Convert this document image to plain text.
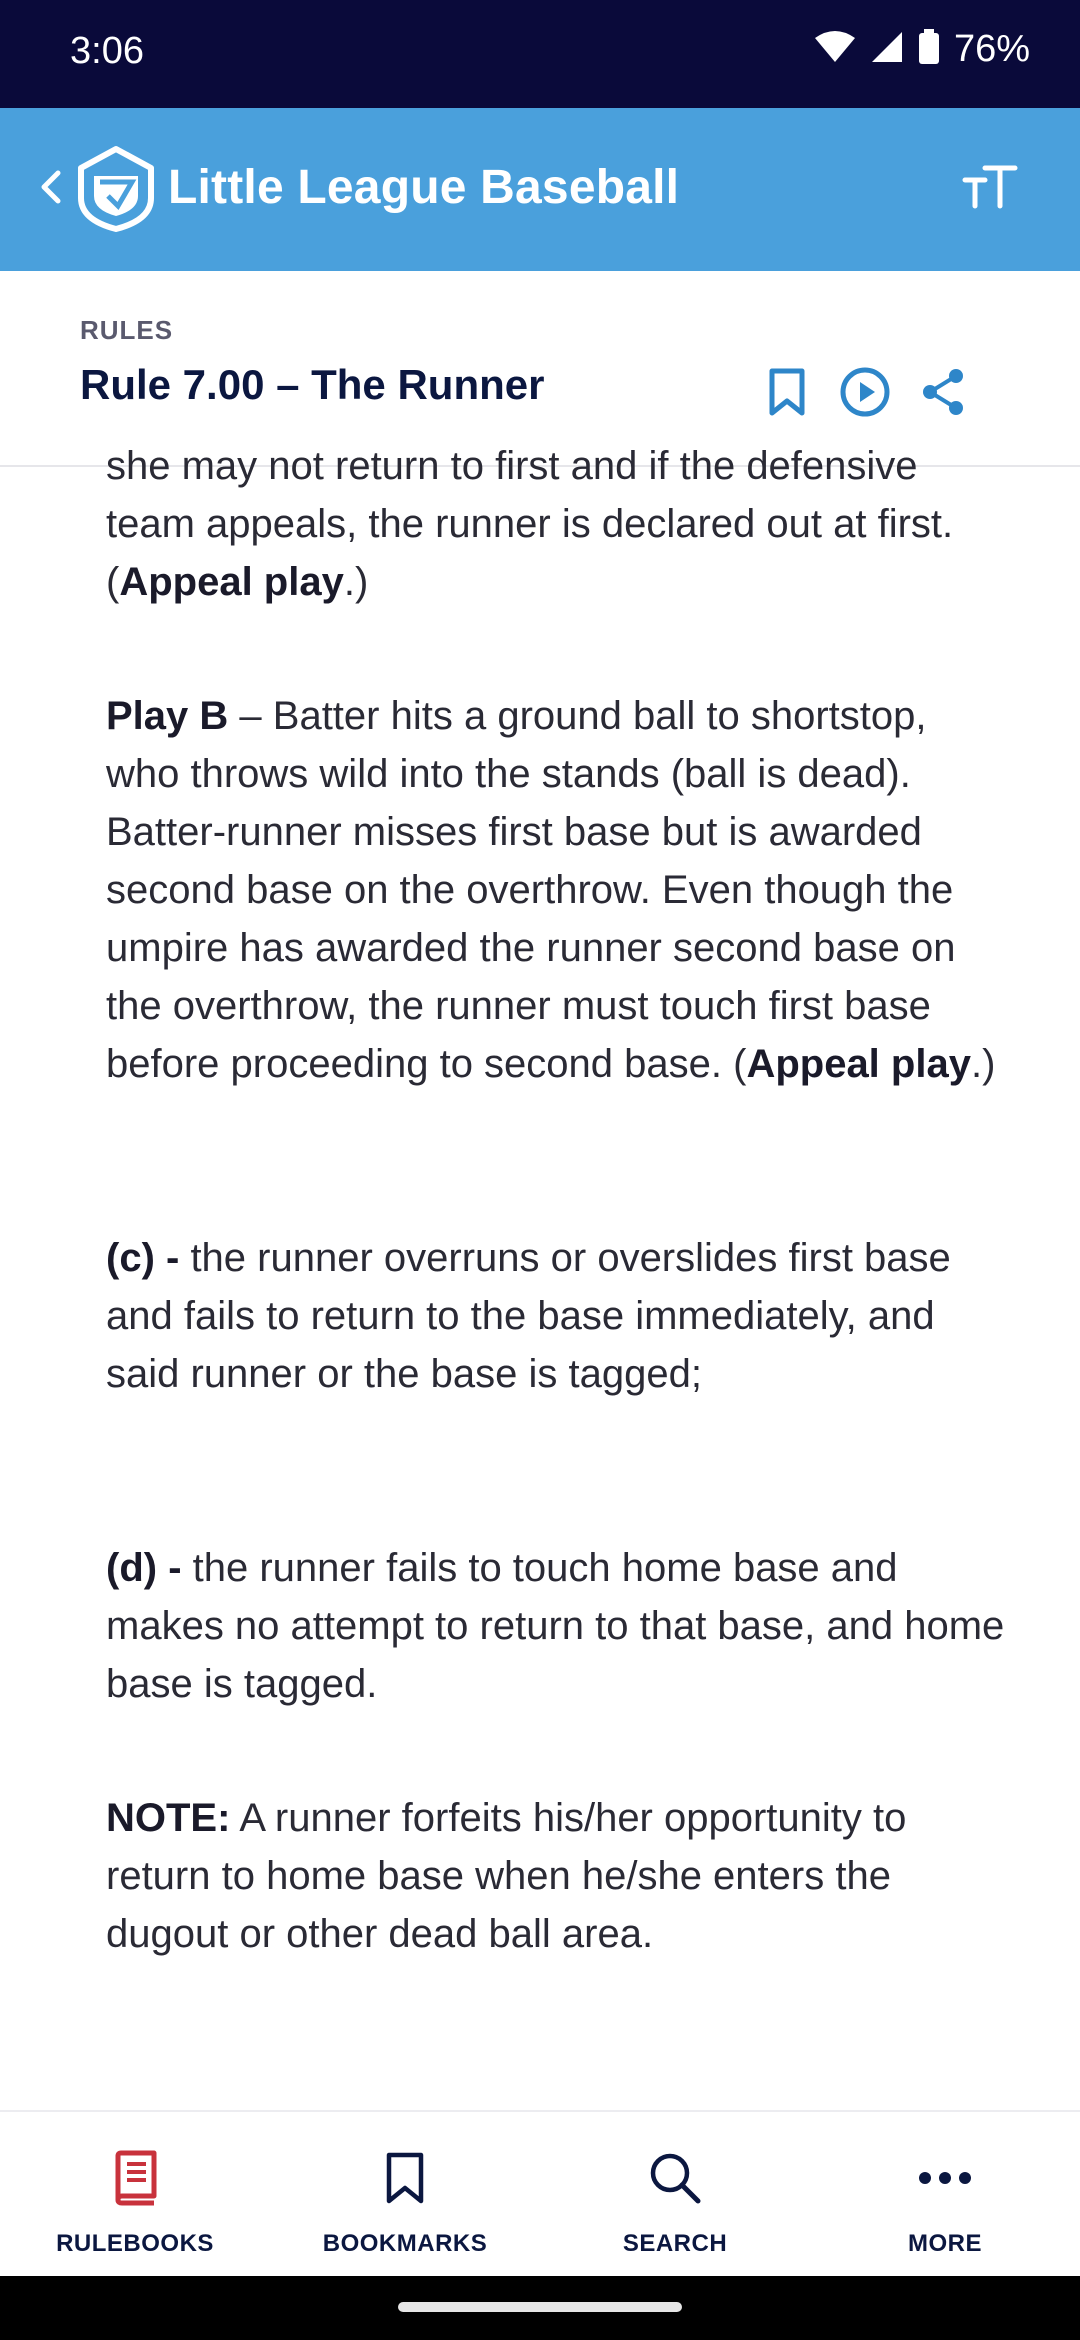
3:06	76%
Little League Baseball
RULES
Rule 7.00 – The Runner

she may not return to first and if the defensive team appeals, the runner is declared out at first. (Appeal play.)

Play B – Batter hits a ground ball to shortstop, who throws wild into the stands (ball is dead). Batter-runner misses first base but is awarded second base on the overthrow. Even though the umpire has awarded the runner second base on the overthrow, the runner must touch first base before proceeding to second base. (Appeal play.)

(c) - the runner overruns or overslides first base and fails to return to the base immediately, and said runner or the base is tagged;

(d) - the runner fails to touch home base and makes no attempt to return to that base, and home base is tagged.

NOTE: A runner forfeits his/her opportunity to return to home base when he/she enters the dugout or other dead ball area.

RULEBOOKS	BOOKMARKS	SEARCH	MORE
